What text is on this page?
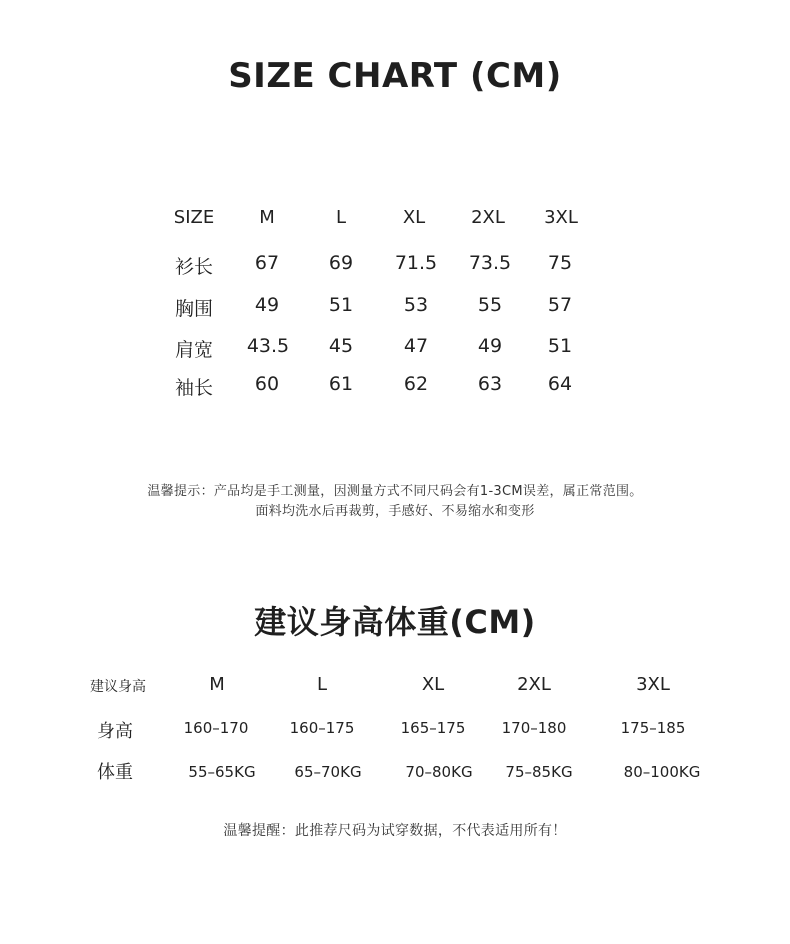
SIZE CHART (CM)
SIZE	M	L	XL	2XL 3XL
衫长 67	69 71.5 73.5 75
胸围 49	51	53	55 57
肩宽 43.5 45	47	49 51
袖长 60	61	62	63 64
温馨提示：产品均是手工测量，因测量方式不同尺码会有1-3CM误差，属正常范围。
面料均洗水后再裁剪，手感好、不易缩水和变形
建议身高体重(CM)
建议身高	M	L	XL	2XL	3XL
身高	160–170	160–175	165–175 170–180	175–185
体重	55–65KG	65–70KG	70–80KG 75–85KG	80–100KG
温馨提醒：此推荐尺码为试穿数据，不代表适用所有！
